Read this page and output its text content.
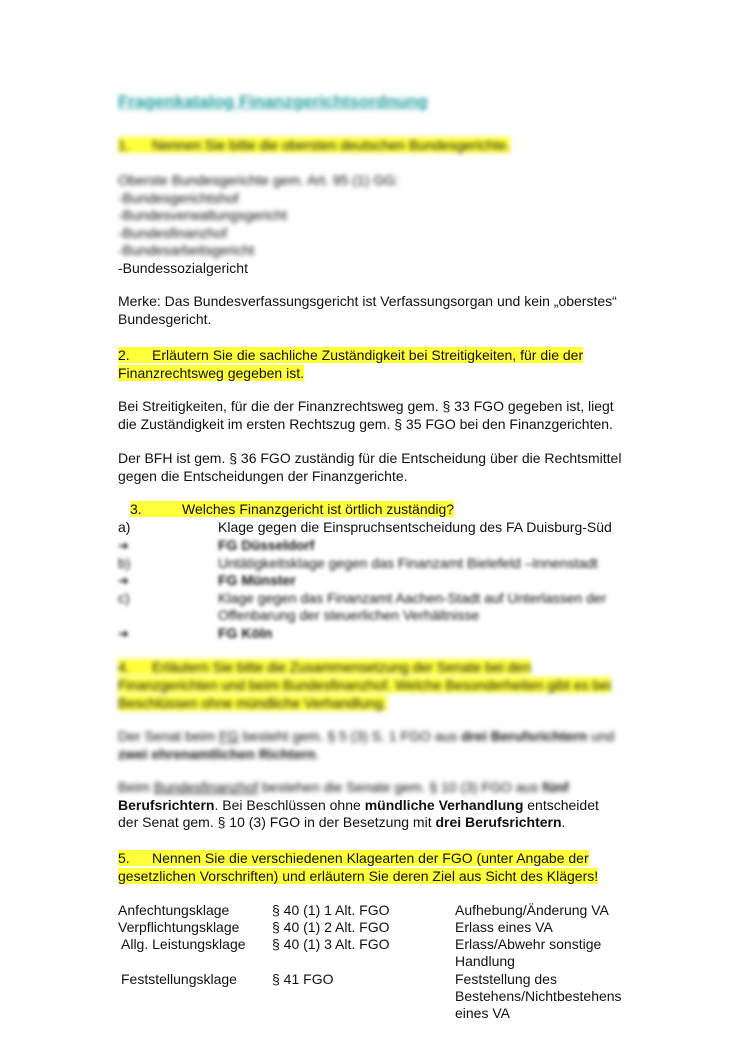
Fragenkatalog Finanzgerichtsordnung
1. Nennen Sie bitte die obersten deutschen Bundesgerichte.
Oberste Bundesgerichte gem. Art. 95 (1) GG:
-Bundesgerichtshof
-Bundesverwaltungsgericht
-Bundesfinanzhof
-Bundesarbeitsgericht
-Bundessozialgericht
Merke: Das Bundesverfassungsgericht ist Verfassungsorgan und kein „oberstes“
Bundesgericht.
2. Erläutern Sie die sachliche Zuständigkeit bei Streitigkeiten, für die der
Finanzrechtsweg gegeben ist.
Bei Streitigkeiten, für die der Finanzrechtsweg gem. § 33 FGO gegeben ist, liegt
die Zuständigkeit im ersten Rechtszug gem. § 35 FGO bei den Finanzgerichten.
Der BFH ist gem. § 36 FGO zuständig für die Entscheidung über die Rechtsmittel
gegen die Entscheidungen der Finanzgerichte.
3.	Welches Finanzgericht ist örtlich zuständig?
a)	Klage gegen die Einspruchsentscheidung des FA Duisburg-Süd
➔	FG Düsseldorf
b)	Untätigkeitsklage gegen das Finanzamt Bielefeld –Innenstadt
➔	FG Münster
c)	Klage gegen das Finanzamt Aachen-Stadt auf Unterlassen der
Offenbarung der steuerlichen Verhältnisse
➔	FG Köln
4. Erläutern Sie bitte die Zusammensetzung der Senate bei den
Finanzgerichten und beim Bundesfinanzhof. Welche Besonderheiten gibt es bei
Beschlüssen ohne mündliche Verhandlung.
Der Senat beim FG besteht gem. § 5 (3) S. 1 FGO aus drei Berufsrichtern und
zwei ehrenamtlichen Richtern.
Beim Bundesfinanzhof bestehen die Senate gem. § 10 (3) FGO aus fünf
Berufsrichtern. Bei Beschlüssen ohne mündliche Verhandlung entscheidet
der Senat gem. § 10 (3) FGO in der Besetzung mit drei Berufsrichtern.
5. Nennen Sie die verschiedenen Klagearten der FGO (unter Angabe der
gesetzlichen Vorschriften) und erläutern Sie deren Ziel aus Sicht des Klägers!
Anfechtungsklage	§ 40 (1) 1 Alt. FGO	Aufhebung/Änderung VA
Verpflichtungsklage § 40 (1) 2 Alt. FGO	Erlass eines VA
Allg. Leistungsklage § 40 (1) 3 Alt. FGO	Erlass/Abwehr sonstige
Handlung
Feststellungsklage	§ 41 FGO	Feststellung des
Bestehens/Nichtbestehens
eines VA
